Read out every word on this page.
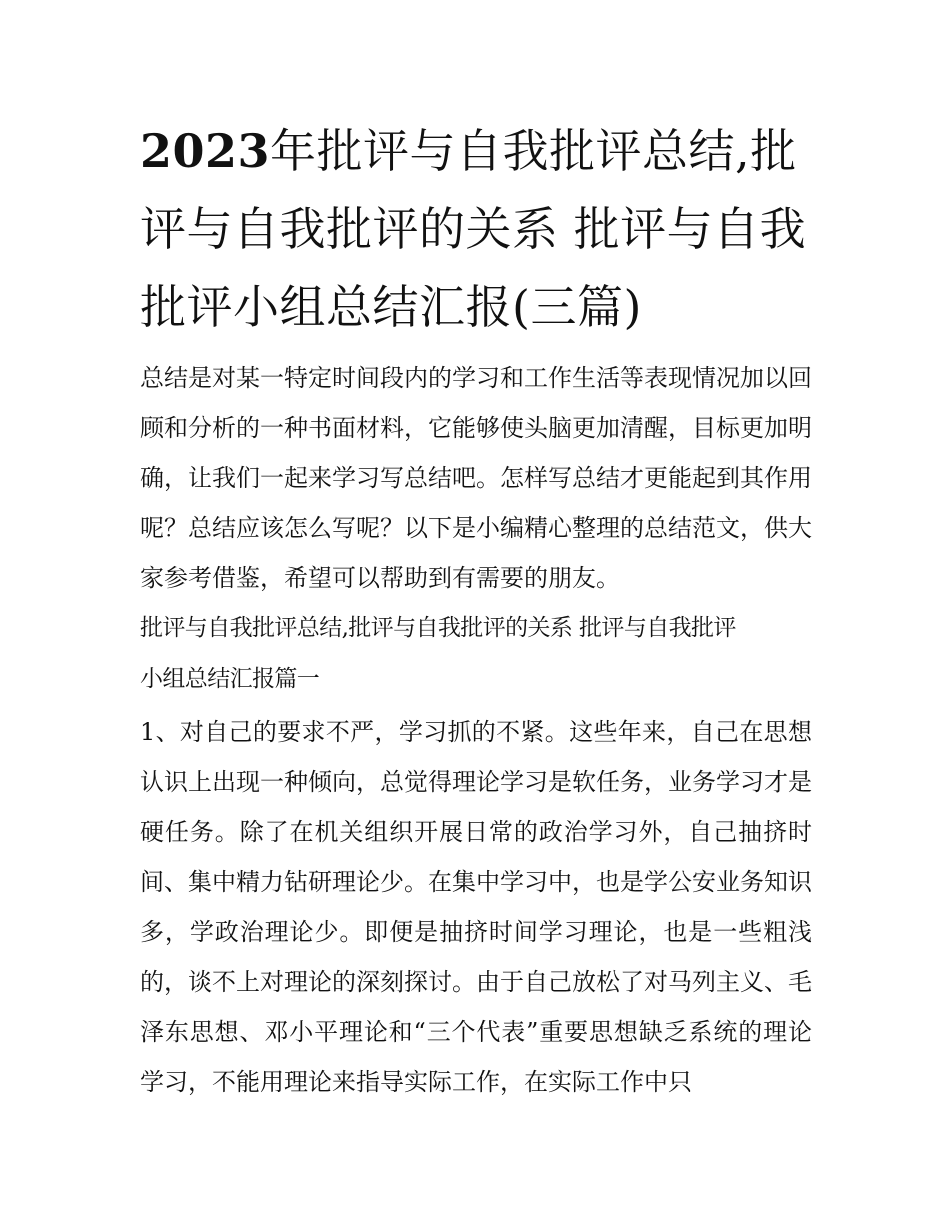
2023年批评与自我批评总结,批评与自我批评的关系 批评与自我批评小组总结汇报(三篇)

总结是对某一特定时间段内的学习和工作生活等表现情况加以回顾和分析的一种书面材料，它能够使头脑更加清醒，目标更加明确，让我们一起来学习写总结吧。怎样写总结才更能起到其作用呢？总结应该怎么写呢？以下是小编精心整理的总结范文，供大家参考借鉴，希望可以帮助到有需要的朋友。

批评与自我批评总结,批评与自我批评的关系 批评与自我批评

小组总结汇报篇一

1、对自己的要求不严，学习抓的不紧。这些年来，自己在思想认识上出现一种倾向，总觉得理论学习是软任务，业务学习才是硬任务。除了在机关组织开展日常的政治学习外，自己抽挤时间、集中精力钻研理论少。在集中学习中，也是学公安业务知识多，学政治理论少。即便是抽挤时间学习理论，也是一些粗浅的，谈不上对理论的深刻探讨。由于自己放松了对马列主义、毛泽东思想、邓小平理论和“三个代表”重要思想缺乏系统的理论学习，不能用理论来指导实际工作，在实际工作中只
